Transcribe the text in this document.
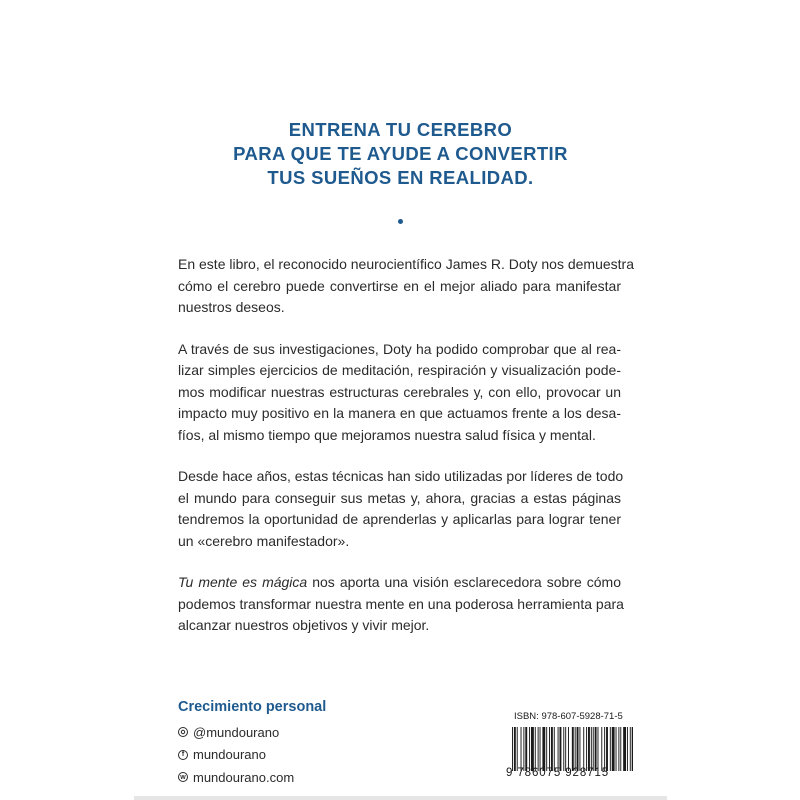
ENTRENA TU CEREBRO
PARA QUE TE AYUDE A CONVERTIR
TUS SUEÑOS EN REALIDAD.

En este libro, el reconocido neurocientífico James R. Doty nos demuestra
cómo el cerebro puede convertirse en el mejor aliado para manifestar
nuestros deseos.

A través de sus investigaciones, Doty ha podido comprobar que al rea-
lizar simples ejercicios de meditación, respiración y visualización pode-
mos modificar nuestras estructuras cerebrales y, con ello, provocar un
impacto muy positivo en la manera en que actuamos frente a los desa-
fíos, al mismo tiempo que mejoramos nuestra salud física y mental.

Desde hace años, estas técnicas han sido utilizadas por líderes de todo
el mundo para conseguir sus metas y, ahora, gracias a estas páginas
tendremos la oportunidad de aprenderlas y aplicarlas para lograr tener
un «cerebro manifestador».

Tu mente es mágica nos aporta una visión esclarecedora sobre cómo
podemos transformar nuestra mente en una poderosa herramienta para
alcanzar nuestros objetivos y vivir mejor.

Crecimiento personal
@mundourano
f mundourano
w mundourano.com
ISBN: 978-607-5928-71-5
9 786075 928715
